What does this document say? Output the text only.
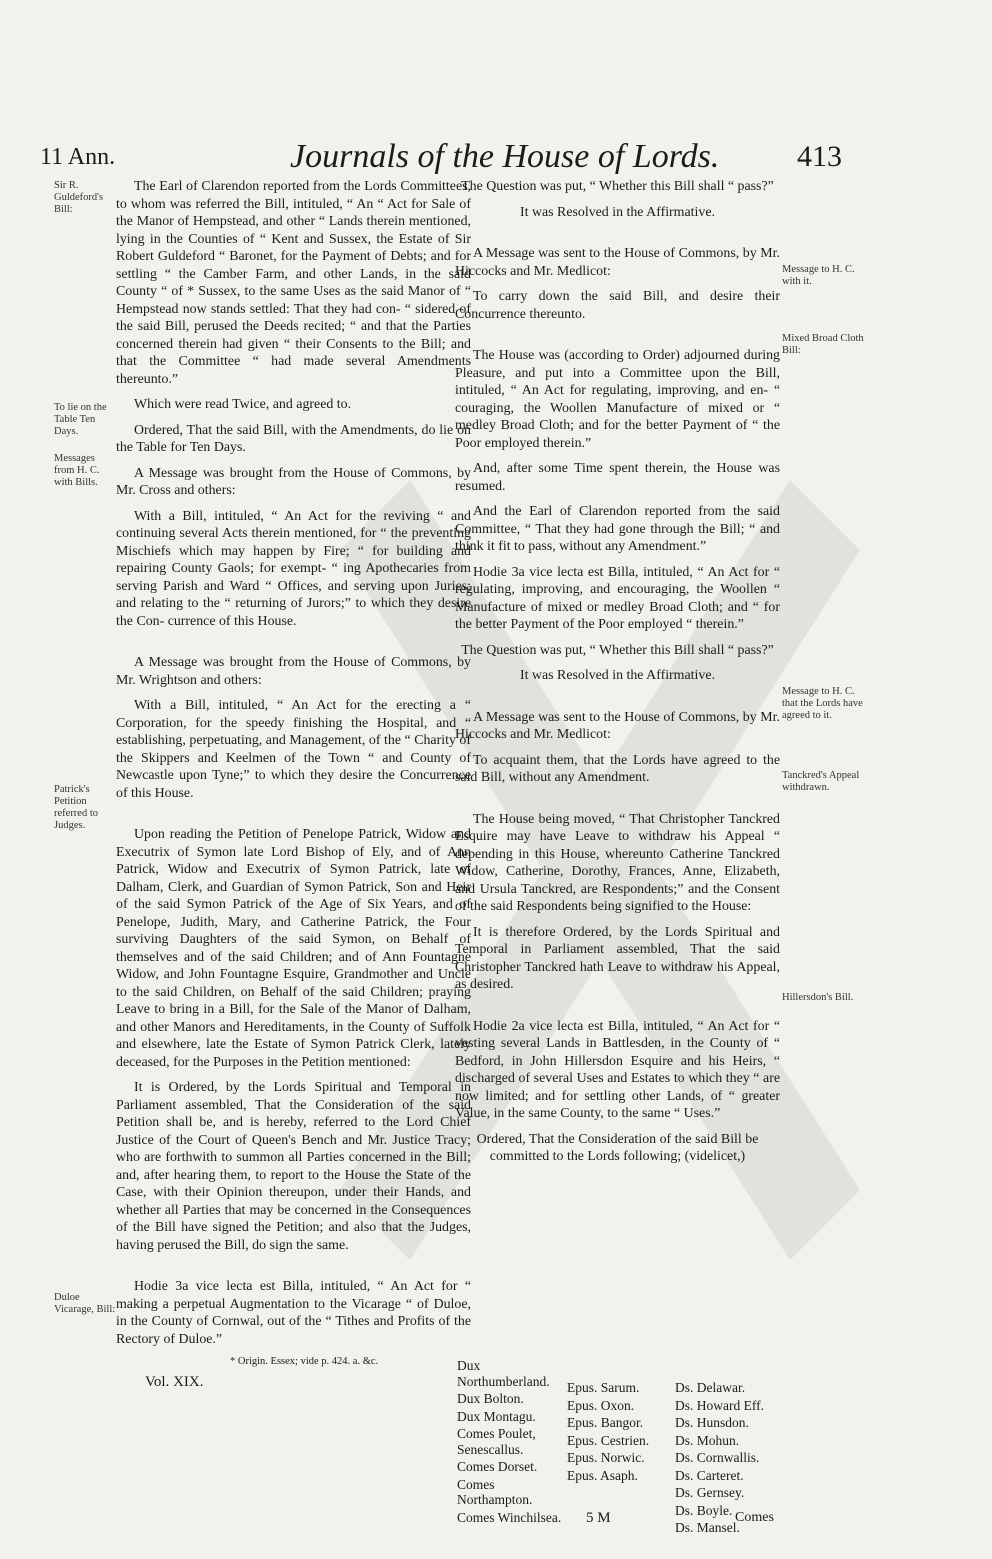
11 Ann.	Journals of the House of Lords.	413
Sir R. Guldeford's Bill:
To lie on the Table Ten Days.
Messages from H. C. with Bills.
Patrick's Petition referred to Judges.
Duloe Vicarage, Bill:
Message to H. C. with it.
Mixed Broad Cloth Bill:
Message to H. C. that the Lords have agreed to it.
Tanckred's Appeal withdrawn.
Hillersdon's Bill.

The Earl of Clarendon reported from the Lords Committees, to whom was referred the Bill, intituled, “ An “ Act for Sale of the Manor of Hempstead, and other “ Lands therein mentioned, lying in the Counties of “ Kent and Sussex, the Estate of Sir Robert Guldeford “ Baronet, for the Payment of Debts; and for settling “ the Camber Farm, and other Lands, in the said County “ of * Sussex, to the same Uses as the said Manor of “ Hempstead now stands settled: That they had con- “ sidered of the said Bill, perused the Deeds recited; “ and that the Parties concerned therein had given “ their Consents to the Bill; and that the Committee “ had made several Amendments thereunto.”

Which were read Twice, and agreed to.

Ordered, That the said Bill, with the Amendments, do lie on the Table for Ten Days.

A Message was brought from the House of Commons, by Mr. Cross and others:

With a Bill, intituled, “ An Act for the reviving “ and continuing several Acts therein mentioned, for “ the preventing Mischiefs which may happen by Fire; “ for building and repairing County Gaols; for exempt- “ ing Apothecaries from serving Parish and Ward “ Offices, and serving upon Juries; and relating to the “ returning of Jurors;” to which they desire the Con- currence of this House.

A Message was brought from the House of Commons, by Mr. Wrightson and others:

With a Bill, intituled, “ An Act for the erecting a “ Corporation, for the speedy finishing the Hospital, and “ establishing, perpetuating, and Management, of the “ Charity of the Skippers and Keelmen of the Town “ and County of Newcastle upon Tyne;” to which they desire the Concurrence of this House.

Upon reading the Petition of Penelope Patrick, Widow and Executrix of Symon late Lord Bishop of Ely, and of Ann Patrick, Widow and Executrix of Symon Patrick, late of Dalham, Clerk, and Guardian of Symon Patrick, Son and Heir of the said Symon Patrick of the Age of Six Years, and of Penelope, Judith, Mary, and Catherine Patrick, the Four surviving Daughters of the said Symon, on Behalf of themselves and of the said Children; and of Ann Fountagne Widow, and John Fountagne Esquire, Grandmother and Uncle to the said Children, on Behalf of the said Children; praying Leave to bring in a Bill, for the Sale of the Manor of Dalham, and other Manors and Hereditaments, in the County of Suffolk and elsewhere, late the Estate of Symon Patrick Clerk, lately deceased, for the Purposes in the Petition mentioned:

It is Ordered, by the Lords Spiritual and Temporal in Parliament assembled, That the Consideration of the said Petition shall be, and is hereby, referred to the Lord Chief Justice of the Court of Queen's Bench and Mr. Justice Tracy; who are forthwith to summon all Parties concerned in the Bill; and, after hearing them, to report to the House the State of the Case, with their Opinion thereupon, under their Hands, and whether all Parties that may be concerned in the Consequences of the Bill have signed the Petition; and also that the Judges, having perused the Bill, do sign the same.

Hodie 3a vice lecta est Billa, intituled, “ An Act for “ making a perpetual Augmentation to the Vicarage “ of Duloe, in the County of Cornwal, out of the “ Tithes and Profits of the Rectory of Duloe.”

The Question was put, “ Whether this Bill shall “ pass?”

It was Resolved in the Affirmative.

A Message was sent to the House of Commons, by Mr. Hiccocks and Mr. Medlicot:

To carry down the said Bill, and desire their Concurrence thereunto.

The House was (according to Order) adjourned during Pleasure, and put into a Committee upon the Bill, intituled, “ An Act for regulating, improving, and en- “ couraging, the Woollen Manufacture of mixed or “ medley Broad Cloth; and for the better Payment of “ the Poor employed therein.”

And, after some Time spent therein, the House was resumed.

And the Earl of Clarendon reported from the said Committee, “ That they had gone through the Bill; “ and think it fit to pass, without any Amendment.”

Hodie 3a vice lecta est Billa, intituled, “ An Act for “ regulating, improving, and encouraging, the Woollen “ Manufacture of mixed or medley Broad Cloth; and “ for the better Payment of the Poor employed “ therein.”

The Question was put, “ Whether this Bill shall “ pass?”

It was Resolved in the Affirmative.

A Message was sent to the House of Commons, by Mr. Hiccocks and Mr. Medlicot:

To acquaint them, that the Lords have agreed to the said Bill, without any Amendment.

The House being moved, “ That Christopher Tanckred Esquire may have Leave to withdraw his Appeal “ depending in this House, whereunto Catherine Tanckred Widow, Catherine, Dorothy, Frances, Anne, Elizabeth, and Ursula Tanckred, are Respondents;” and the Consent of the said Respondents being signified to the House:

It is therefore Ordered, by the Lords Spiritual and Temporal in Parliament assembled, That the said Christopher Tanckred hath Leave to withdraw his Appeal, as desired.

Hodie 2a vice lecta est Billa, intituled, “ An Act for “ vesting several Lands in Battlesden, in the County of “ Bedford, in John Hillersdon Esquire and his Heirs, “ discharged of several Uses and Estates to which they “ are now limited; and for settling other Lands, of “ greater Value, in the same County, to the same “ Uses.”

Ordered, That the Consideration of the said Bill be committed to the Lords following; (videlicet,)

Dux Northumberland.
Dux Bolton.
Dux Montagu.
Comes Poulet, Senescallus.
Comes Dorset.
Comes Northampton.
Comes Winchilsea.
Epus. Sarum.
Epus. Oxon.
Epus. Bangor.
Epus. Cestrien.
Epus. Norwic.
Epus. Asaph.
Ds. Delawar.
Ds. Howard Eff.
Ds. Hunsdon.
Ds. Mohun.
Ds. Cornwallis.
Ds. Carteret.
Ds. Gernsey.
Ds. Boyle.
Ds. Mansel.
* Origin. Essex; vide p. 424. a. &c.
Vol. XIX.
5 M	Comes
